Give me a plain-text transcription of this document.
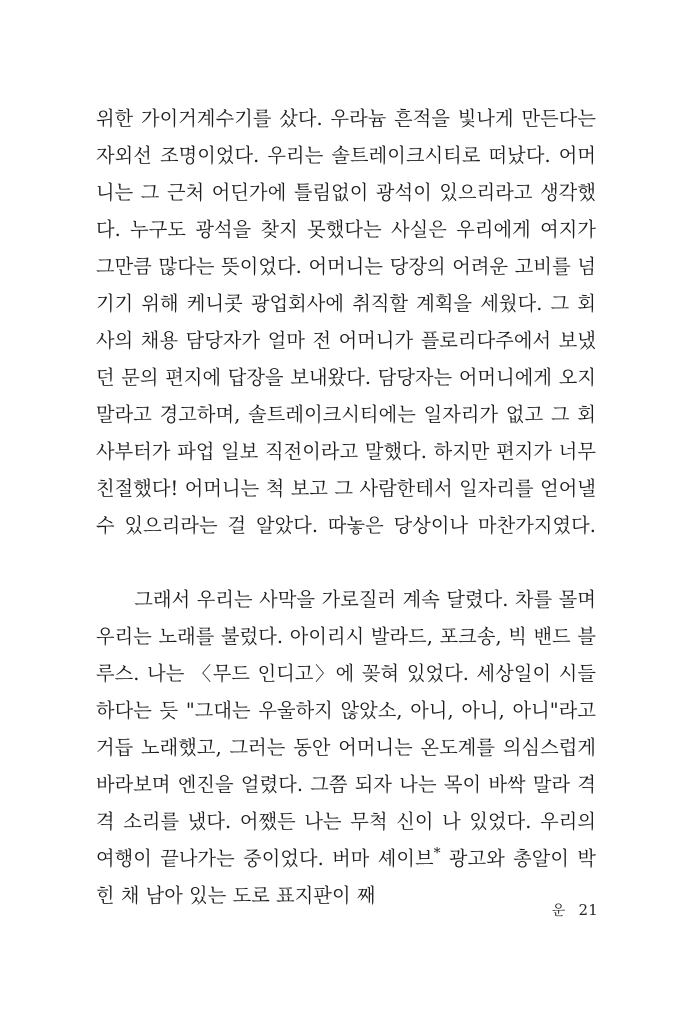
위한 가이거계수기를 샀다. 우라늄 흔적을 빛나게 만든다는 자외선 조명이었다. 우리는 솔트레이크시티로 떠났다. 어머니는 그 근처 어딘가에 틀림없이 광석이 있으리라고 생각했다. 누구도 광석을 찾지 못했다는 사실은 우리에게 여지가 그만큼 많다는 뜻이었다. 어머니는 당장의 어려운 고비를 넘기기 위해 케니콧 광업회사에 취직할 계획을 세웠다. 그 회사의 채용 담당자가 얼마 전 어머니가 플로리다주에서 보냈던 문의 편지에 답장을 보내왔다. 담당자는 어머니에게 오지 말라고 경고하며, 솔트레이크시티에는 일자리가 없고 그 회사부터가 파업 일보 직전이라고 말했다. 하지만 편지가 너무 친절했다! 어머니는 척 보고 그 사람한테서 일자리를 얻어낼 수 있으리라는 걸 알았다. 따놓은 당상이나 마찬가지였다.

그래서 우리는 사막을 가로질러 계속 달렸다. 차를 몰며 우리는 노래를 불렀다. 아이리시 발라드, 포크송, 빅 밴드 블루스. 나는 〈무드 인디고〉에 꽂혀 있었다. 세상일이 시들하다는 듯 "그대는 우울하지 않았소, 아니, 아니, 아니"라고 거듭 노래했고, 그러는 동안 어머니는 온도계를 의심스럽게 바라보며 엔진을 얼렸다. 그쯤 되자 나는 목이 바싹 말라 격격 소리를 냈다. 어쨌든 나는 무척 신이 나 있었다. 우리의 여행이 끝나가는 중이었다. 버마 셰이브* 광고와 총알이 박힌 채 남아 있는 도로 표지판이 째

운 21
